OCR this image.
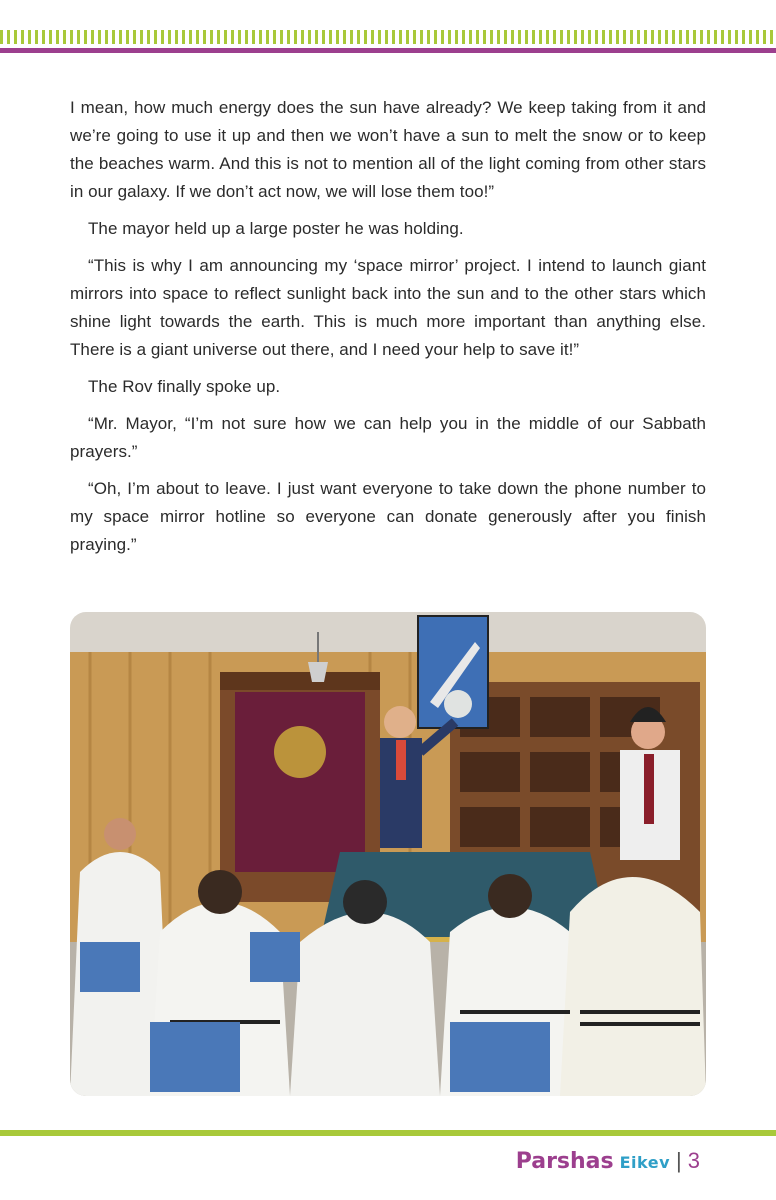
I mean, how much energy does the sun have already? We keep taking from it and we’re going to use it up and then we won’t have a sun to melt the snow or to keep the beaches warm. And this is not to mention all of the light coming from other stars in our galaxy. If we don’t act now, we will lose them too!”

The mayor held up a large poster he was holding.

“This is why I am announcing my ‘space mirror’ project. I intend to launch giant mirrors into space to reflect sunlight back into the sun and to the other stars which shine light towards the earth. This is much more important than anything else. There is a giant universe out there, and I need your help to save it!”

The Rov finally spoke up.

“Mr. Mayor, “I’m not sure how we can help you in the middle of our Sabbath prayers.”

“Oh, I’m about to leave. I just want everyone to take down the phone number to my space mirror hotline so everyone can donate generously after you finish praying.”

Parshas Eikev | 3
